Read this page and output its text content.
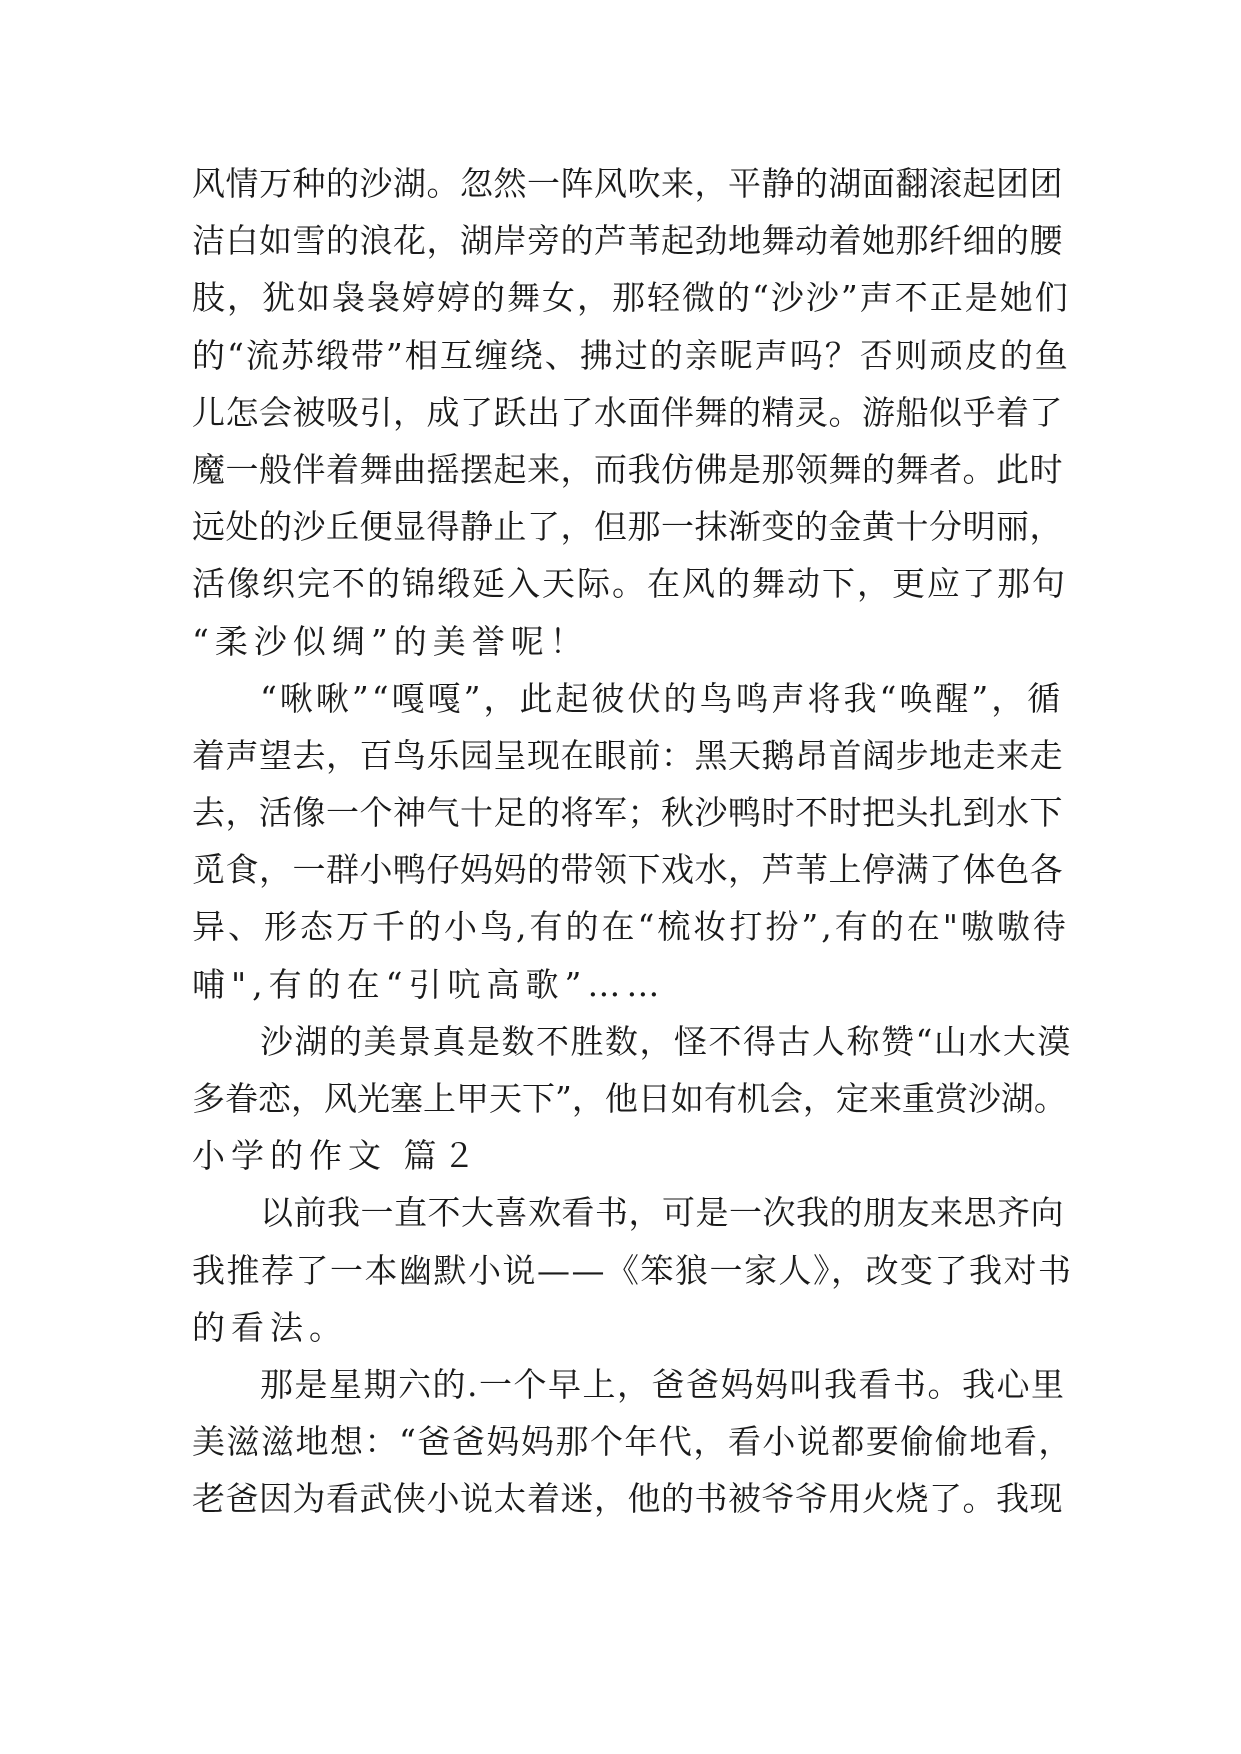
风情万种的沙湖。忽然一阵风吹来，平静的湖面翻滚起团团
洁白如雪的浪花，湖岸旁的芦苇起劲地舞动着她那纤细的腰
肢，犹如袅袅婷婷的舞女，那轻微的“沙沙”声不正是她们
的“流苏缎带”相互缠绕、拂过的亲昵声吗？否则顽皮的鱼
儿怎会被吸引，成了跃出了水面伴舞的精灵。游船似乎着了
魔一般伴着舞曲摇摆起来，而我仿佛是那领舞的舞者。此时
远处的沙丘便显得静止了，但那一抹渐变的金黄十分明丽，
活像织完不的锦缎延入天际。在风的舞动下，更应了那句
“柔沙似绸”的美誉呢！
“啾啾”“嘎嘎”，此起彼伏的鸟鸣声将我“唤醒”，循
着声望去，百鸟乐园呈现在眼前：黑天鹅昂首阔步地走来走
去，活像一个神气十足的将军；秋沙鸭时不时把头扎到水下
觅食，一群小鸭仔妈妈的带领下戏水，芦苇上停满了体色各
异、形态万千的小鸟,有的在“梳妆打扮”,有的在"嗷嗷待
哺",有的在“引吭高歌”……
沙湖的美景真是数不胜数，怪不得古人称赞“山水大漠
多眷恋，风光塞上甲天下”，他日如有机会，定来重赏沙湖。
小学的作文 篇２
以前我一直不大喜欢看书，可是一次我的朋友来思齐向
我推荐了一本幽默小说——《笨狼一家人》，改变了我对书
的看法。
那是星期六的.一个早上，爸爸妈妈叫我看书。我心里
美滋滋地想：“爸爸妈妈那个年代，看小说都要偷偷地看，
老爸因为看武侠小说太着迷，他的书被爷爷用火烧了。我现
